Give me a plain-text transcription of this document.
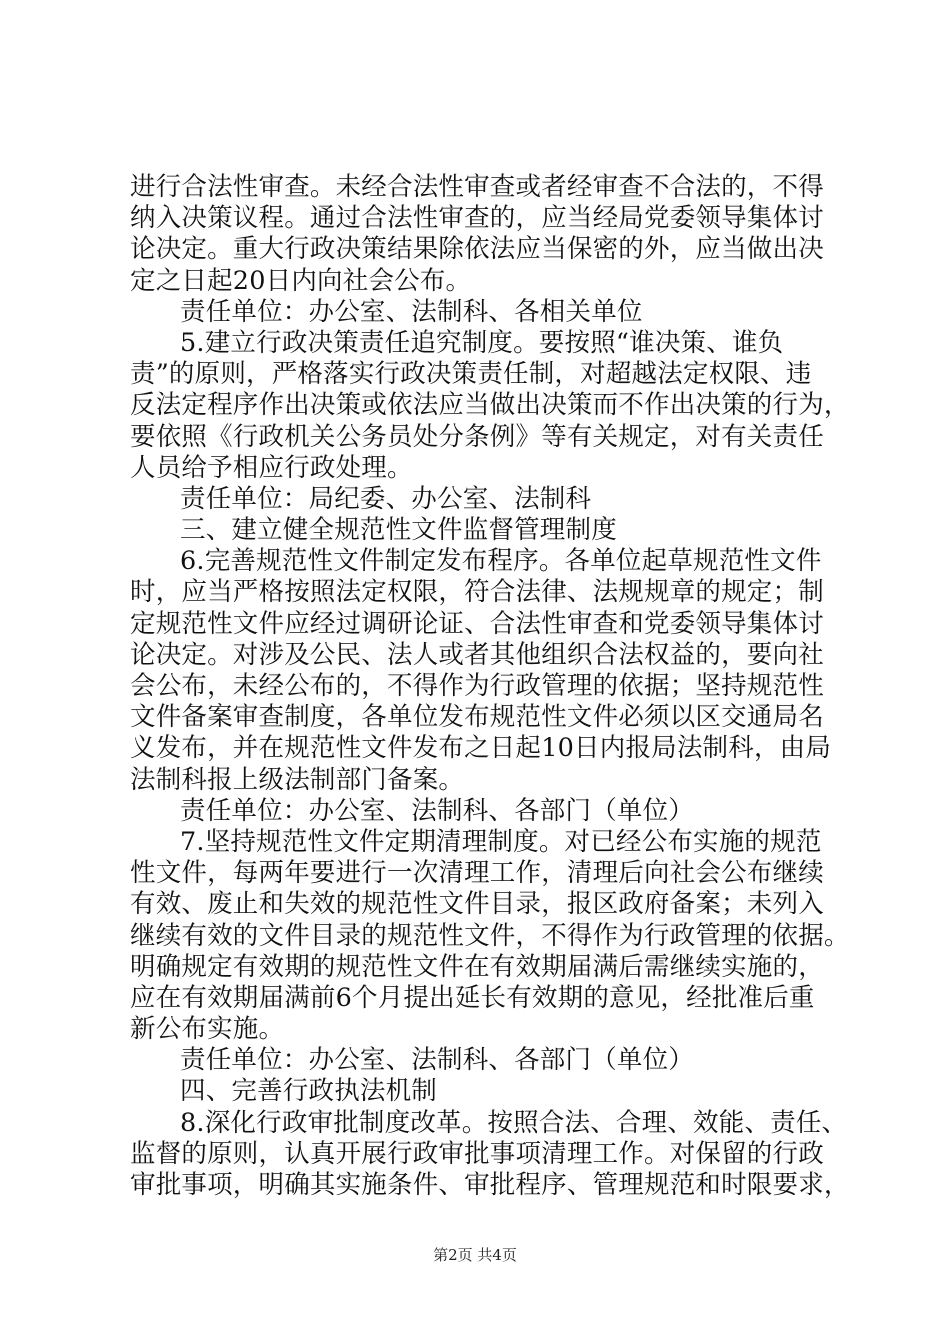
进行合法性审查。未经合法性审查或者经审查不合法的，不得
纳入决策议程。通过合法性审查的，应当经局党委领导集体讨
论决定。重大行政决策结果除依法应当保密的外，应当做出决
定之日起20日内向社会公布。
责任单位：办公室、法制科、各相关单位
5.建立行政决策责任追究制度。要按照“谁决策、谁负
责”的原则，严格落实行政决策责任制，对超越法定权限、违
反法定程序作出决策或依法应当做出决策而不作出决策的行为，
要依照《行政机关公务员处分条例》等有关规定，对有关责任
人员给予相应行政处理。
责任单位：局纪委、办公室、法制科
三、建立健全规范性文件监督管理制度
6.完善规范性文件制定发布程序。各单位起草规范性文件
时，应当严格按照法定权限，符合法律、法规规章的规定；制
定规范性文件应经过调研论证、合法性审查和党委领导集体讨
论决定。对涉及公民、法人或者其他组织合法权益的，要向社
会公布，未经公布的，不得作为行政管理的依据；坚持规范性
文件备案审查制度，各单位发布规范性文件必须以区交通局名
义发布，并在规范性文件发布之日起10日内报局法制科，由局
法制科报上级法制部门备案。
责任单位：办公室、法制科、各部门（单位）
7.坚持规范性文件定期清理制度。对已经公布实施的规范
性文件，每两年要进行一次清理工作，清理后向社会公布继续
有效、废止和失效的规范性文件目录，报区政府备案；未列入
继续有效的文件目录的规范性文件，不得作为行政管理的依据。
明确规定有效期的规范性文件在有效期届满后需继续实施的，
应在有效期届满前6个月提出延长有效期的意见，经批准后重
新公布实施。
责任单位：办公室、法制科、各部门（单位）
四、完善行政执法机制
8.深化行政审批制度改革。按照合法、合理、效能、责任、
监督的原则，认真开展行政审批事项清理工作。对保留的行政
审批事项，明确其实施条件、审批程序、管理规范和时限要求，
第2页 共4页
